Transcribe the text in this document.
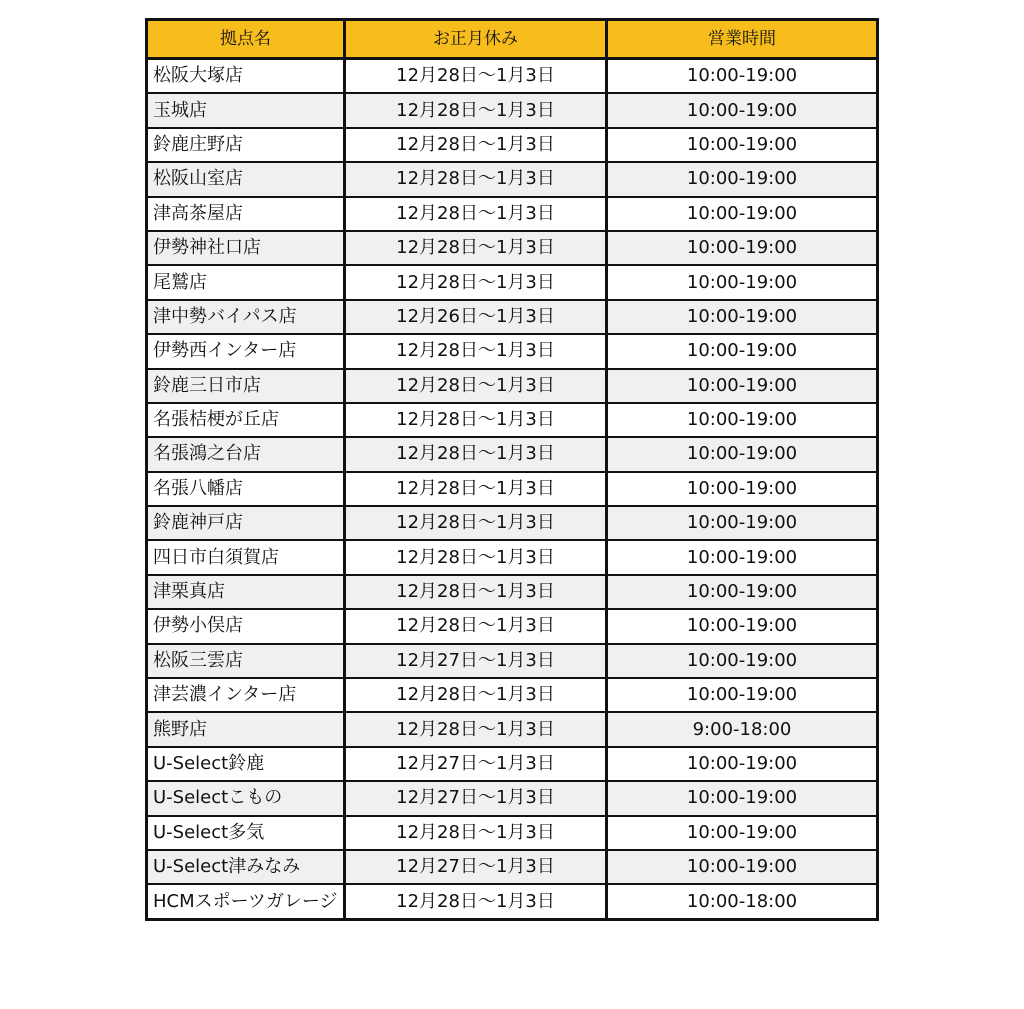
拠点名	お正月休み	営業時間
松阪大塚店	12月28日～1月3日	10:00-19:00
玉城店	12月28日～1月3日	10:00-19:00
鈴鹿庄野店	12月28日～1月3日	10:00-19:00
松阪山室店	12月28日～1月3日	10:00-19:00
津高茶屋店	12月28日～1月3日	10:00-19:00
伊勢神社口店	12月28日～1月3日	10:00-19:00
尾鷲店	12月28日～1月3日	10:00-19:00
津中勢バイパス店	12月26日～1月3日	10:00-19:00
伊勢西インター店	12月28日～1月3日	10:00-19:00
鈴鹿三日市店	12月28日～1月3日	10:00-19:00
名張桔梗が丘店	12月28日～1月3日	10:00-19:00
名張鴻之台店	12月28日～1月3日	10:00-19:00
名張八幡店	12月28日～1月3日	10:00-19:00
鈴鹿神戸店	12月28日～1月3日	10:00-19:00
四日市白須賀店	12月28日～1月3日	10:00-19:00
津栗真店	12月28日～1月3日	10:00-19:00
伊勢小俣店	12月28日～1月3日	10:00-19:00
松阪三雲店	12月27日～1月3日	10:00-19:00
津芸濃インター店	12月28日～1月3日	10:00-19:00
熊野店	12月28日～1月3日	9:00-18:00
U-Select鈴鹿	12月27日～1月3日	10:00-19:00
U-Selectこもの	12月27日～1月3日	10:00-19:00
U-Select多気	12月28日～1月3日	10:00-19:00
U-Select津みなみ	12月27日～1月3日	10:00-19:00
HCMスポーツガレージ	12月28日～1月3日	10:00-18:00
